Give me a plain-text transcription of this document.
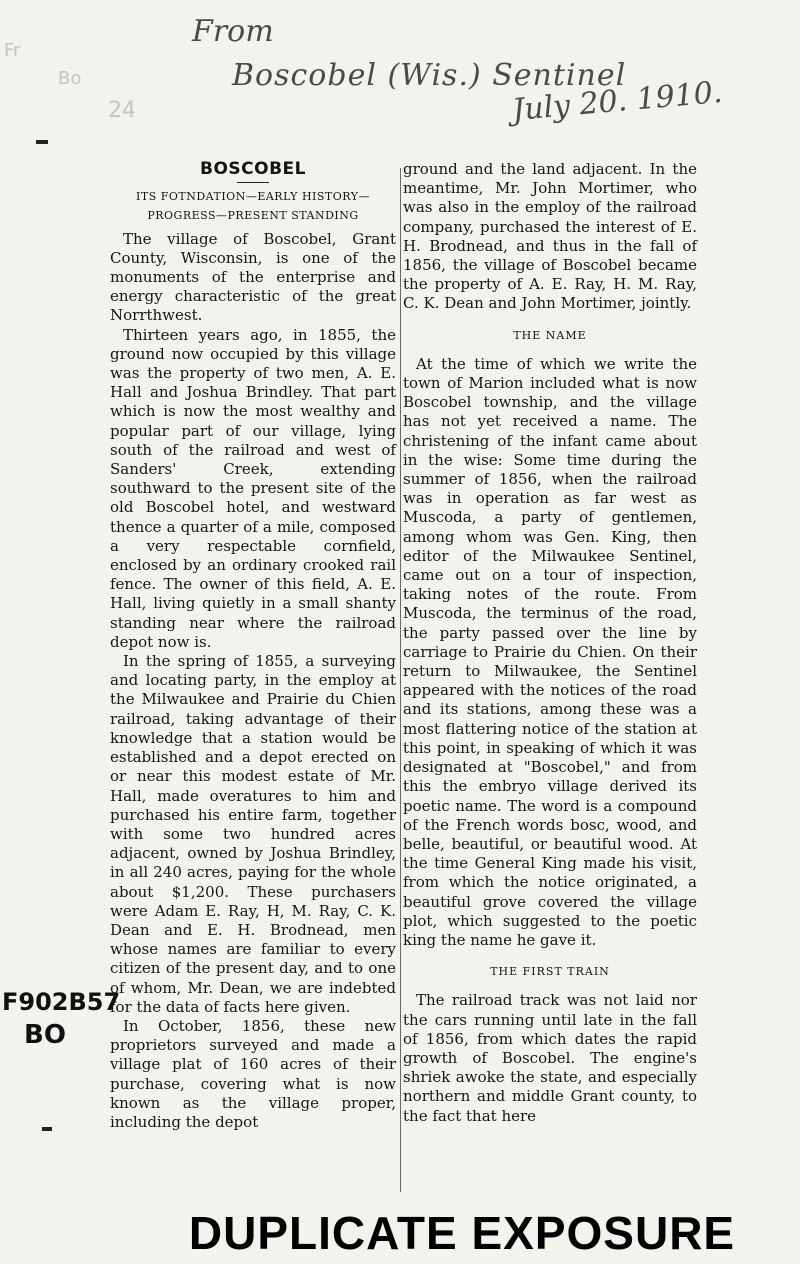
Fr
Bo
24
From
Boscobel (Wis.) Sentinel
July 20. 1910.
F902B57
BO
BOSCOBEL
ITS FOTNDATION—EARLY HISTORY—PROGRESS—PRESENT STANDING

The village of Boscobel, Grant County, Wisconsin, is one of the monuments of the enterprise and energy characteristic of the great Norrthwest.

Thirteen years ago, in 1855, the ground now occupied by this village was the property of two men, A. E. Hall and Joshua Brindley. That part which is now the most wealthy and popular part of our village, lying south of the railroad and west of Sanders' Creek, extending southward to the present site of the old Boscobel hotel, and westward thence a quarter of a mile, composed a very respectable cornfield, enclosed by an ordinary crooked rail fence. The owner of this field, A. E. Hall, living quietly in a small shanty standing near where the railroad depot now is.

In the spring of 1855, a surveying and locating party, in the employ at the Milwaukee and Prairie du Chien railroad, taking advantage of their knowledge that a station would be established and a depot erected on or near this modest estate of Mr. Hall, made overatures to him and purchased his entire farm, together with some two hundred acres adjacent, owned by Joshua Brindley, in all 240 acres, paying for the whole about $1,200. These purchasers were Adam E. Ray, H, M. Ray, C. K. Dean and E. H. Brodnead, men whose names are familiar to every citizen of the present day, and to one of whom, Mr. Dean, we are indebted for the data of facts here given.

In October, 1856, these new proprietors surveyed and made a village plat of 160 acres of their purchase, covering what is now known as the village proper, including the depot

ground and the land adjacent. In the meantime, Mr. John Mortimer, who was also in the employ of the railroad company, purchased the interest of E. H. Brodnead, and thus in the fall of 1856, the village of Boscobel became the property of A. E. Ray, H. M. Ray, C. K. Dean and John Mortimer, jointly.

THE NAME

At the time of which we write the town of Marion included what is now Boscobel township, and the village has not yet received a name. The christening of the infant came about in the wise: Some time during the summer of 1856, when the railroad was in operation as far west as Muscoda, a party of gentlemen, among whom was Gen. King, then editor of the Milwaukee Sentinel, came out on a tour of inspection, taking notes of the route. From Muscoda, the terminus of the road, the party passed over the line by carriage to Prairie du Chien. On their return to Milwaukee, the Sentinel appeared with the notices of the road and its stations, among these was a most flattering notice of the station at this point, in speaking of which it was designated at "Boscobel," and from this the embryo village derived its poetic name. The word is a compound of the French words bosc, wood, and belle, beautiful, or beautiful wood. At the time General King made his visit, from which the notice originated, a beautiful grove covered the village plot, which suggested to the poetic king the name he gave it.

THE FIRST TRAIN

The railroad track was not laid nor the cars running until late in the fall of 1856, from which dates the rapid growth of Boscobel. The engine's shriek awoke the state, and especially northern and middle Grant county, to the fact that here

DUPLICATE EXPOSURE
